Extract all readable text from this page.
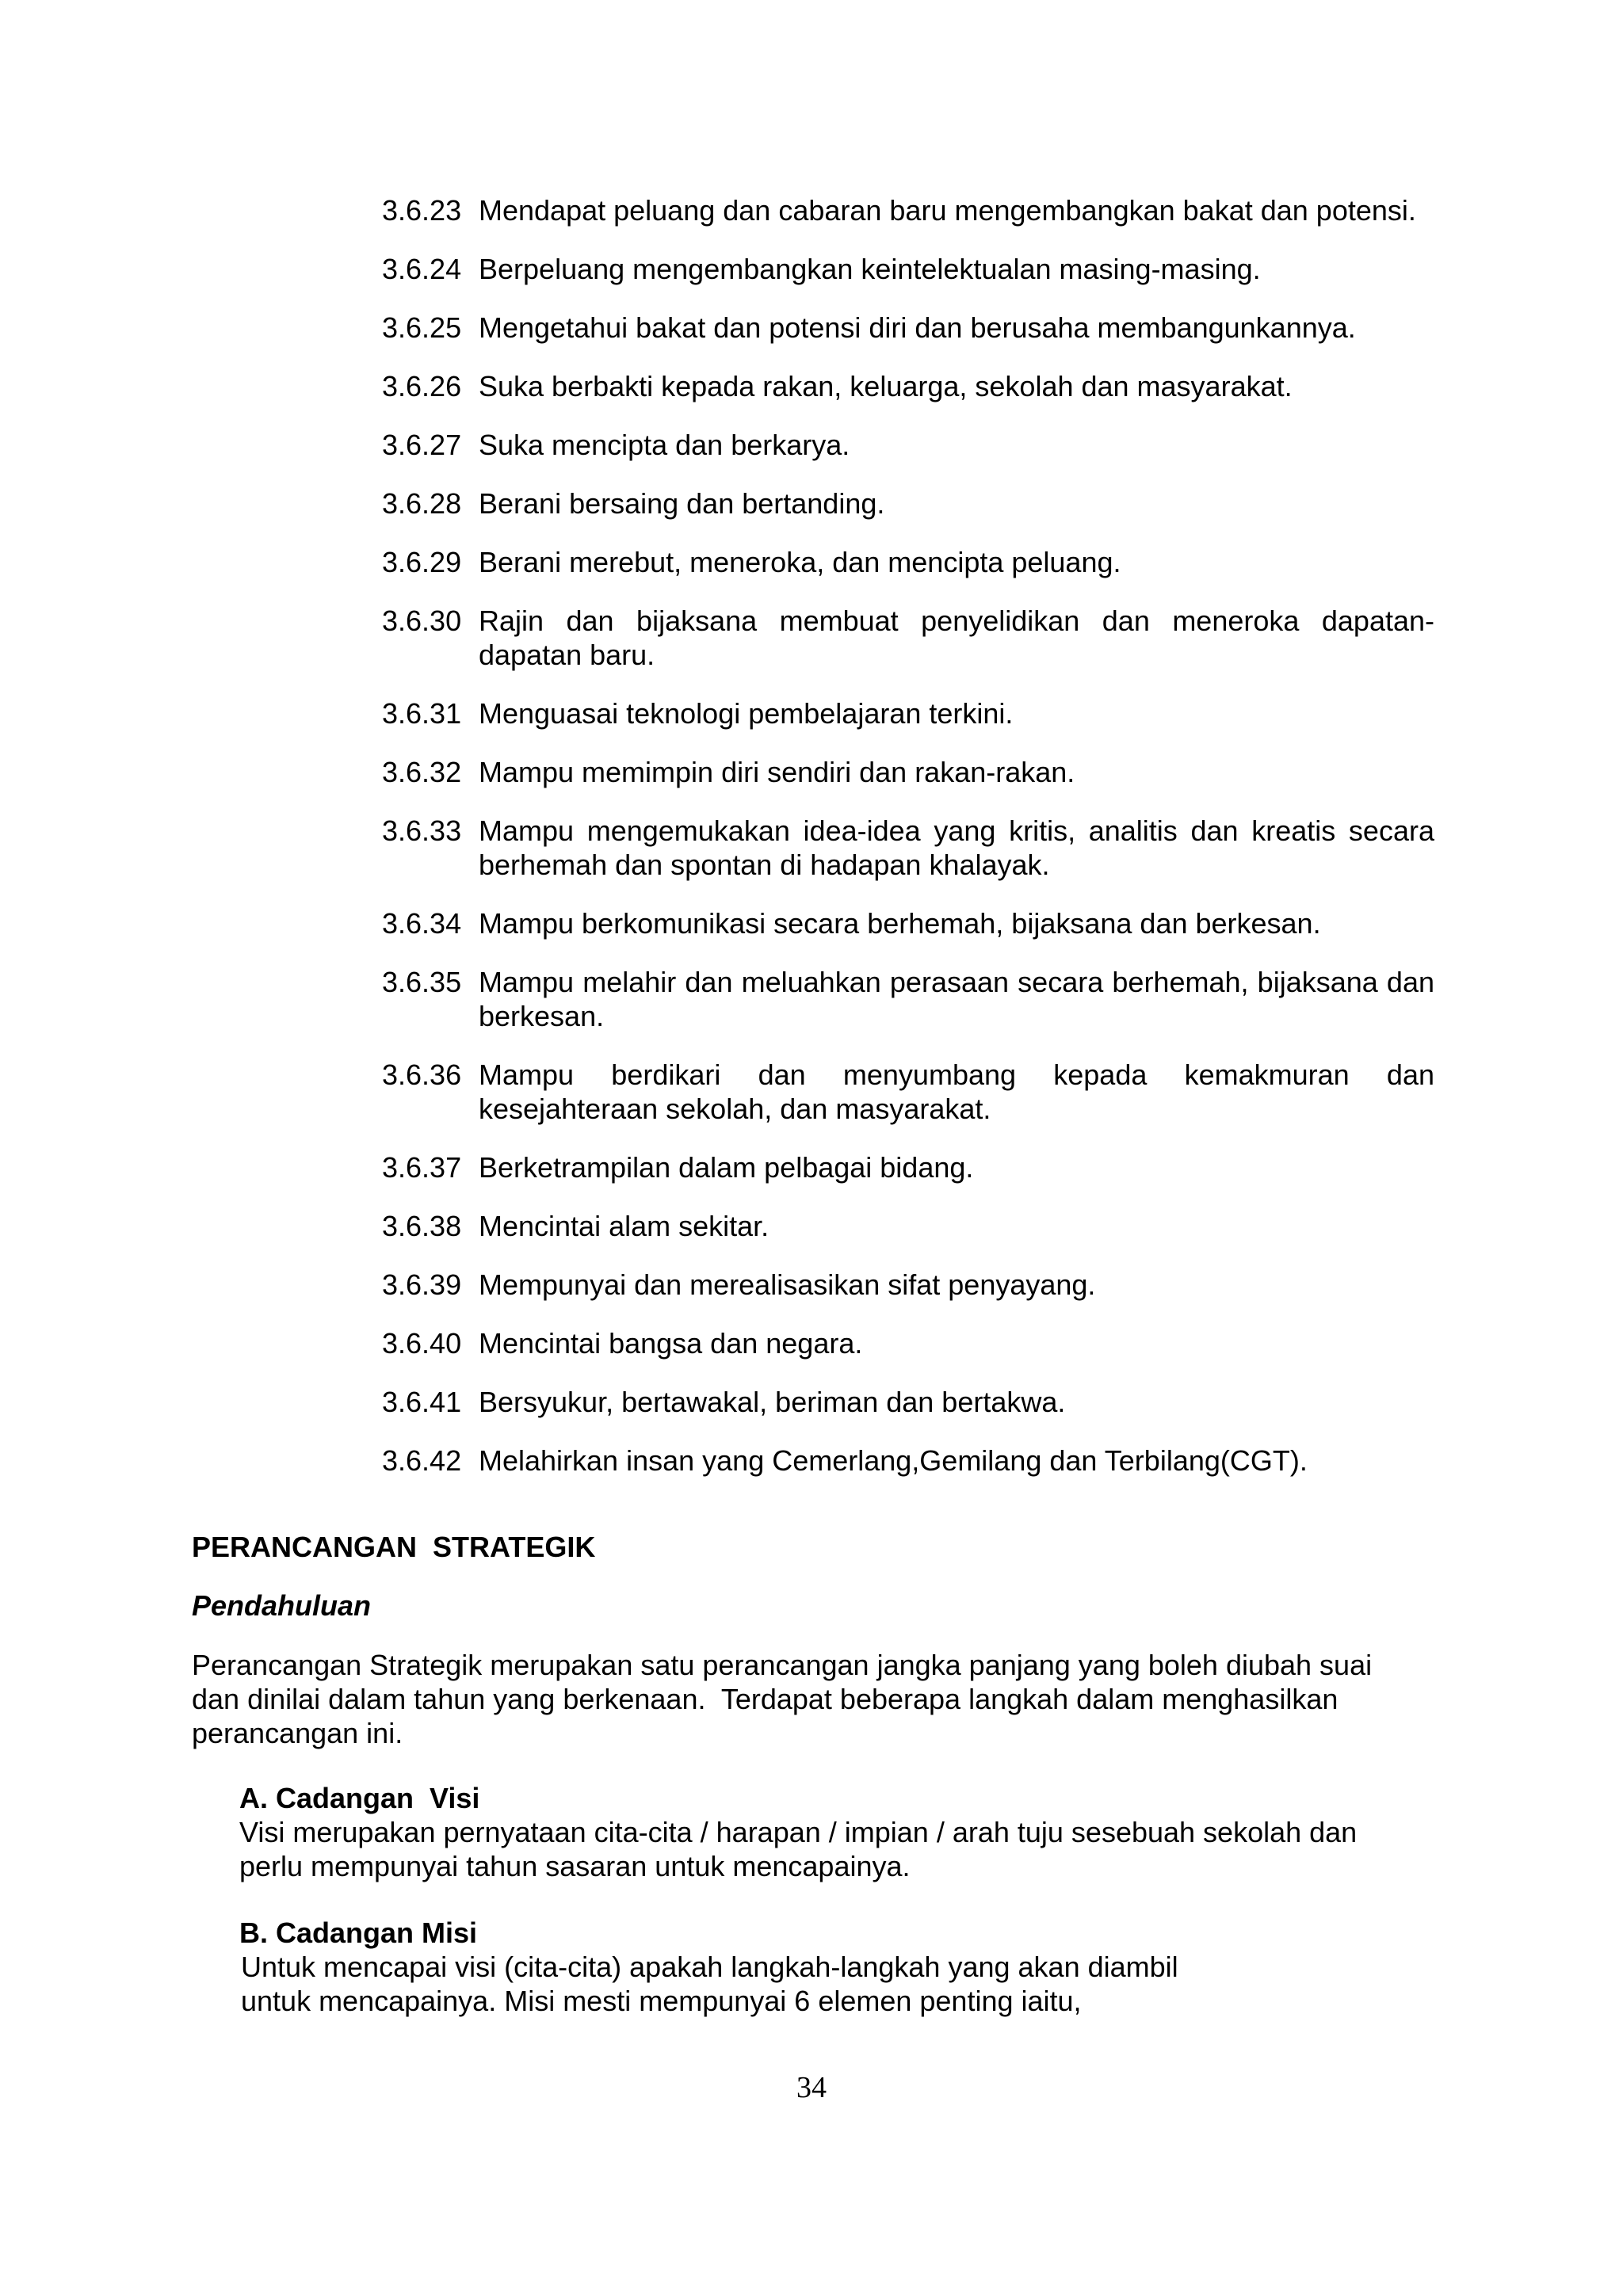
3.6.23 Mendapat peluang dan cabaran baru mengembangkan bakat dan potensi.
3.6.24 Berpeluang mengembangkan keintelektualan masing-masing.
3.6.25 Mengetahui bakat dan potensi diri dan berusaha membangunkannya.
3.6.26 Suka berbakti kepada rakan, keluarga, sekolah dan masyarakat.
3.6.27 Suka mencipta dan berkarya.
3.6.28 Berani bersaing dan bertanding.
3.6.29 Berani merebut, meneroka, dan mencipta peluang.
3.6.30 Rajin dan bijaksana membuat penyelidikan dan meneroka dapatan-dapatan baru.
3.6.31 Menguasai teknologi pembelajaran terkini.
3.6.32 Mampu memimpin diri sendiri dan rakan-rakan.
3.6.33 Mampu mengemukakan idea-idea yang kritis, analitis dan kreatis secara berhemah dan spontan di hadapan khalayak.
3.6.34 Mampu berkomunikasi secara berhemah, bijaksana dan berkesan.
3.6.35 Mampu melahir dan meluahkan perasaan secara berhemah, bijaksana dan berkesan.
3.6.36 Mampu berdikari dan menyumbang kepada kemakmuran dan kesejahteraan sekolah, dan masyarakat.
3.6.37 Berketrampilan dalam pelbagai bidang.
3.6.38 Mencintai alam sekitar.
3.6.39 Mempunyai dan merealisasikan sifat penyayang.
3.6.40 Mencintai bangsa dan negara.
3.6.41 Bersyukur, bertawakal, beriman dan bertakwa.
3.6.42 Melahirkan insan yang Cemerlang,Gemilang dan Terbilang(CGT).
PERANCANGAN  STRATEGIK
Pendahuluan
Perancangan Strategik merupakan satu perancangan jangka panjang yang boleh diubah suai
dan dinilai dalam tahun yang berkenaan.  Terdapat beberapa langkah dalam menghasilkan
perancangan ini.
A. Cadangan  Visi
Visi merupakan pernyataan cita-cita / harapan / impian / arah tuju sesebuah sekolah dan
perlu mempunyai tahun sasaran untuk mencapainya.
B. Cadangan Misi
Untuk mencapai visi (cita-cita) apakah langkah-langkah yang akan diambil
untuk mencapainya. Misi mesti mempunyai 6 elemen penting iaitu,
34
